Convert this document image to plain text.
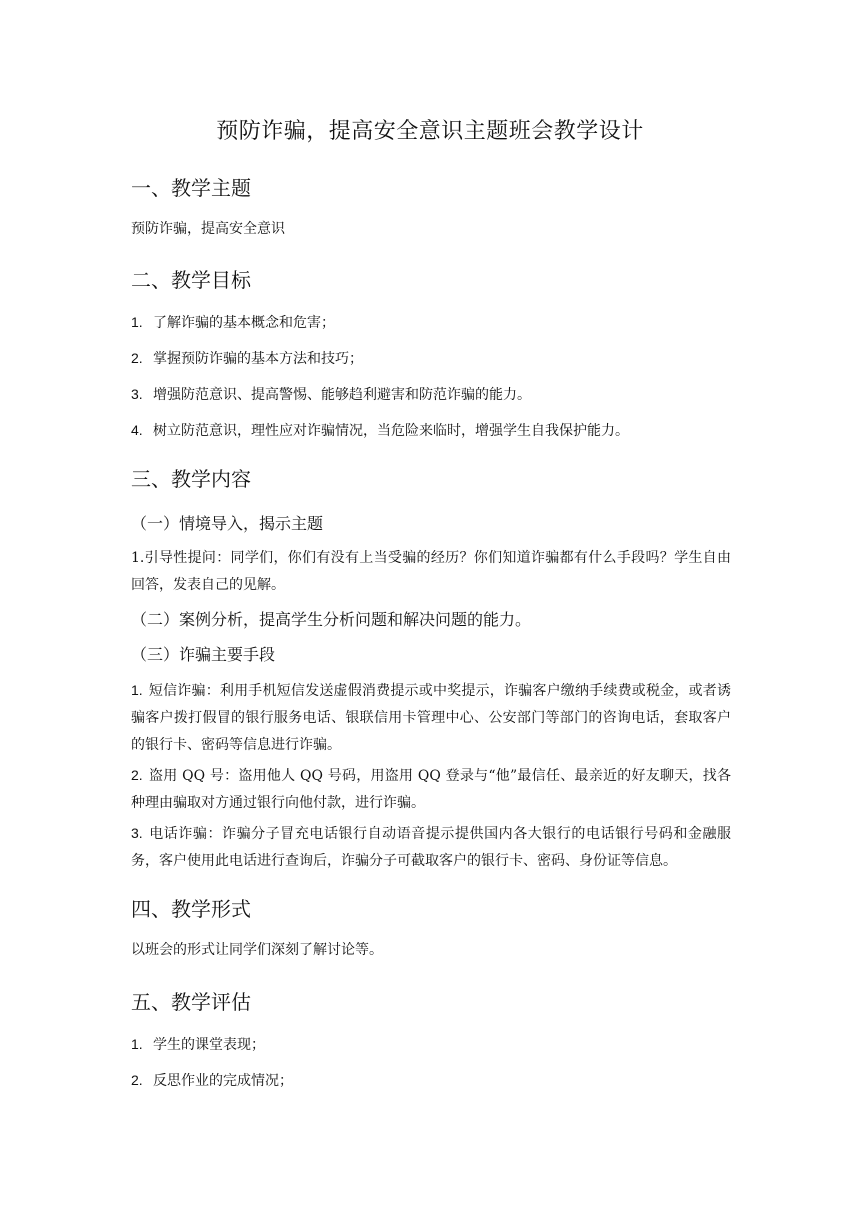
预防诈骗，提高安全意识主题班会教学设计
一、教学主题
预防诈骗，提高安全意识
二、教学目标
1. 了解诈骗的基本概念和危害；
2. 掌握预防诈骗的基本方法和技巧；
3. 增强防范意识、提高警惕、能够趋利避害和防范诈骗的能力。
4. 树立防范意识，理性应对诈骗情况，当危险来临时，增强学生自我保护能力。
三、教学内容
（一）情境导入，揭示主题
1.引导性提问：同学们，你们有没有上当受骗的经历？你们知道诈骗都有什么手段吗？学生自由回答，发表自己的见解。
（二）案例分析，提高学生分析问题和解决问题的能力。
（三）诈骗主要手段
1. 短信诈骗：利用手机短信发送虚假消费提示或中奖提示，诈骗客户缴纳手续费或税金，或者诱骗客户拨打假冒的银行服务电话、银联信用卡管理中心、公安部门等部门的咨询电话，套取客户的银行卡、密码等信息进行诈骗。
2. 盗用 QQ 号：盗用他人 QQ 号码，用盗用 QQ 登录与“他”最信任、最亲近的好友聊天，找各种理由骗取对方通过银行向他付款，进行诈骗。
3. 电话诈骗：诈骗分子冒充电话银行自动语音提示提供国内各大银行的电话银行号码和金融服务，客户使用此电话进行查询后，诈骗分子可截取客户的银行卡、密码、身份证等信息。
四、教学形式
以班会的形式让同学们深刻了解讨论等。
五、教学评估
1. 学生的课堂表现；
2. 反思作业的完成情况；
